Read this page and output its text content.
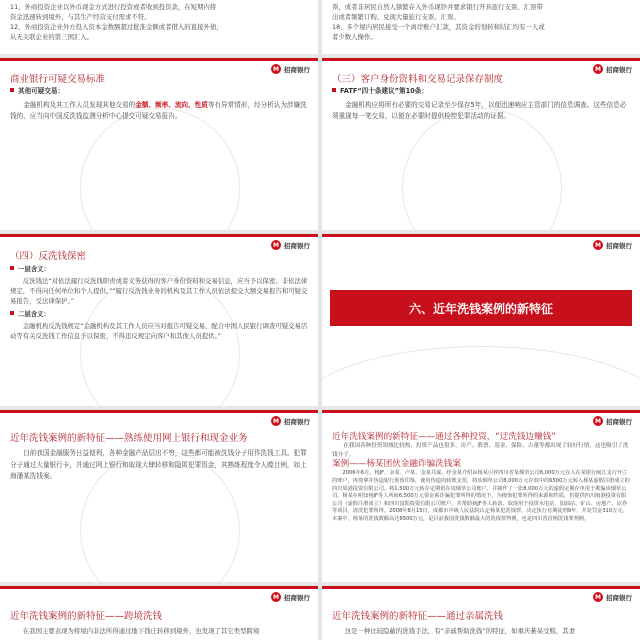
11、外商投资企业以外币现金方式进行投资或者收到投资款，在短期内将
资金迅速转到境外，与其生产经营支付需求不符。
12、外商投资企业外方投入资本金数额超过批准金额或者借入的直接外债，
从无关联企业的第三国汇入。
票，或者非居民自然人频繁存入外币现钞并要求银行开具旅行支票、汇票带
出或者频繁订购、兑现大量旅行支票、汇票。
18、多个境内居民接受一个离岸账户汇款，其资金的划转和结汇均有一人或
者少数人操作。
M 招商银行
商业银行可疑交易标准
其他可疑交易：
金融机构及其工作人员发现其他交易的金额、频率、流向、性质等有异常情形，经分析认为涉嫌洗钱的，应当向中国反洗钱监测分析中心提交可疑交易报告。
M 招商银行
（三）客户身份资料和交易记录保存制度
FATF“四十条建议”第10条：
金融机构应将所有必要的交易记录至少保存5年，以便迅速响应主管部门的信息调查。这些信息必须重现每一笔交易，以便在必要时提供检控犯罪活动的证据。
M 招商银行
（四）反洗钱保密
一层含义：
反洗钱法“对依法履行反洗钱职责或者义务获得的客户身份资料和交易信息，应当予以保密；非依法律规定，不得向任何单位和个人提供。”“履行反洗钱业务的机构及其工作人员依法提交大额交易报告和可疑交易报告，受法律保护。”
二层含义：
金融机构反洗钱规定“金融机构及其工作人员应当对报告可疑交易、配合中国人民银行调查可疑交易活动等有关反洗钱工作信息予以保密，不得违反规定向客户和其他人员提供。”
M 招商银行
六、近年洗钱案例的新特征
M 招商银行
近年洗钱案例的新特征——熟练使用网上银行和现金业务
目前我国金融服务日益便利，各种金融产品层出不穷，这些都可能被洗钱分子用作洗钱工具。犯罪分子通过大量银行卡，并通过网上银行和取现大肆转移和隐匿犯罪资金，其熟练程度令人瞠目例，如上海潘某洗钱案。
M 招商银行
近年洗钱案例的新特征——通过各种投资，“迂洗钱边赚钱”
在我国各种投资领域比较热，投资产品也很多，房产、股票、基金、保险、古董等都出现了较好行情，这也吸引了洗钱分子。
案例——杨某团伙金融诈骗洗钱案
2006年6月，杨JF、余某、卢某、金某共谋，经金某介绍由杨某引荐四川省某烟草公司8,000万元存入在某银行闽江支行开立的账户，再倚拿并伪造银行预留印鉴，使用伪造的转账支票，将该烟草公司8,000万元存款中的6500万元转入杨某虚假注册成立的四川周港投资有限公司。将1,500万元转存定期留在该烟草公司账户，并制作了一张8,000万元的虚假定期存单用于欺骗该烟草公司。杨某在明知杨JF等人所转6,500万元资金系诈骗犯罪所得的情况下，为掩饰犯罪所得的来源和性质，仍提供四川闽港投资有限公司（虚假注册成立）和四川富阳投资有限公司账户，并帮助杨JF等人转款，取现用于投资水电站、加油站、矿山、房地产、证券等项目，清洗犯罪所得。2008年8月15日，成都市中级人民法院认定杨某犯洗钱罪，决定执行有期徒刑9年，并处罚金310万元。本案中，杨某的洗钱数额高达6500万元，是目前我国洗钱数额最大的洗钱罪判例，也是四川省首例洗钱罪判例。
M 招商银行
近年洗钱案例的新特征——跨境洗钱
在我国主要表现为将境内非法所得通过地下钱庄转移到境外，也发现了其它类型跨境
M 招商银行
近年洗钱案例的新特征——通过亲属洗钱
这是一种比较隐蔽的洗钱手法，有“亲戚帮助洗钱”的特征，如重庆綦某受贿，其妻
